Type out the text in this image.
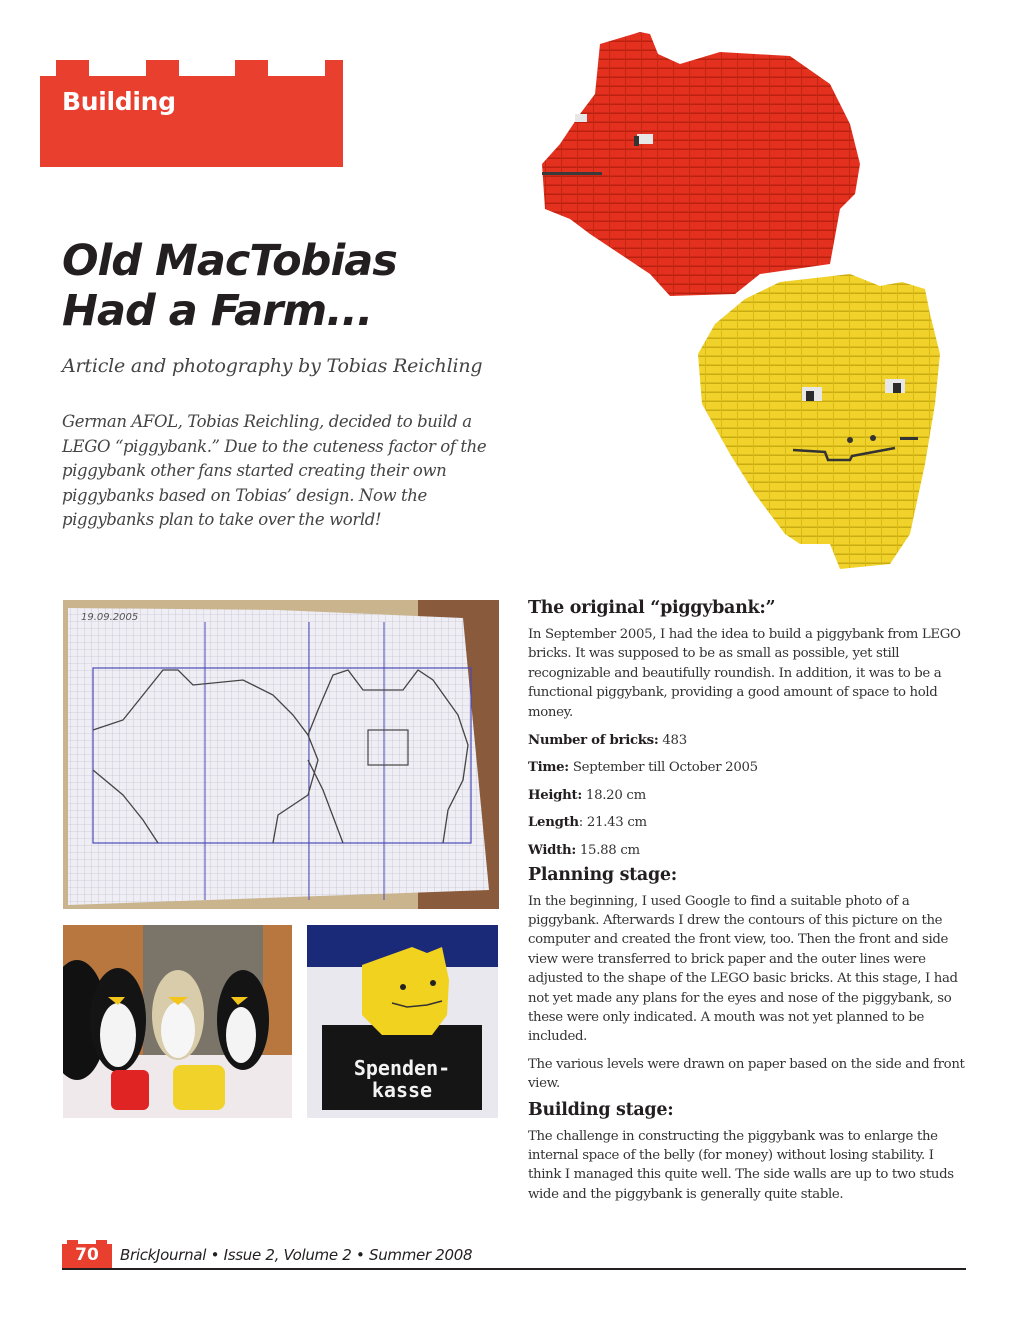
Building
Old MacTobias
Had a Farm...
Article and photography by Tobias Reichling
German AFOL, Tobias Reichling, decided to build a LEGO “piggybank.” Due to the cuteness factor of the piggybank other fans started creating their own piggybanks based on Tobias’ design. Now the piggybanks plan to take over the world!
19.09.2005
Spenden-
kasse
The original “piggybank:”
In September 2005, I had the idea to build a piggybank from LEGO bricks. It was supposed to be as small as possible, yet still recognizable and beautifully roundish. In addition, it was to be a functional piggybank, providing a good amount of space to hold money.
Number of bricks: 483
Time: September till October 2005
Height: 18.20 cm
Length: 21.43 cm
Width: 15.88 cm
Planning stage:
In the beginning, I used Google to find a suitable photo of a piggybank. Afterwards I drew the contours of this picture on the computer and created the front view, too. Then the front and side view were transferred to brick paper and the outer lines were adjusted to the shape of the LEGO basic bricks. At this stage, I had not yet made any plans for the eyes and nose of the piggybank, so these were only indicated. A mouth was not yet planned to be included.
The various levels were drawn on paper based on the side and front view.
Building stage:
The challenge in constructing the piggybank was to enlarge the internal space of the belly (for money) without losing stability. I think I managed this quite well. The side walls are up to two studs wide and the piggybank is generally quite stable.
70	BrickJournal • Issue 2, Volume 2 • Summer 2008
